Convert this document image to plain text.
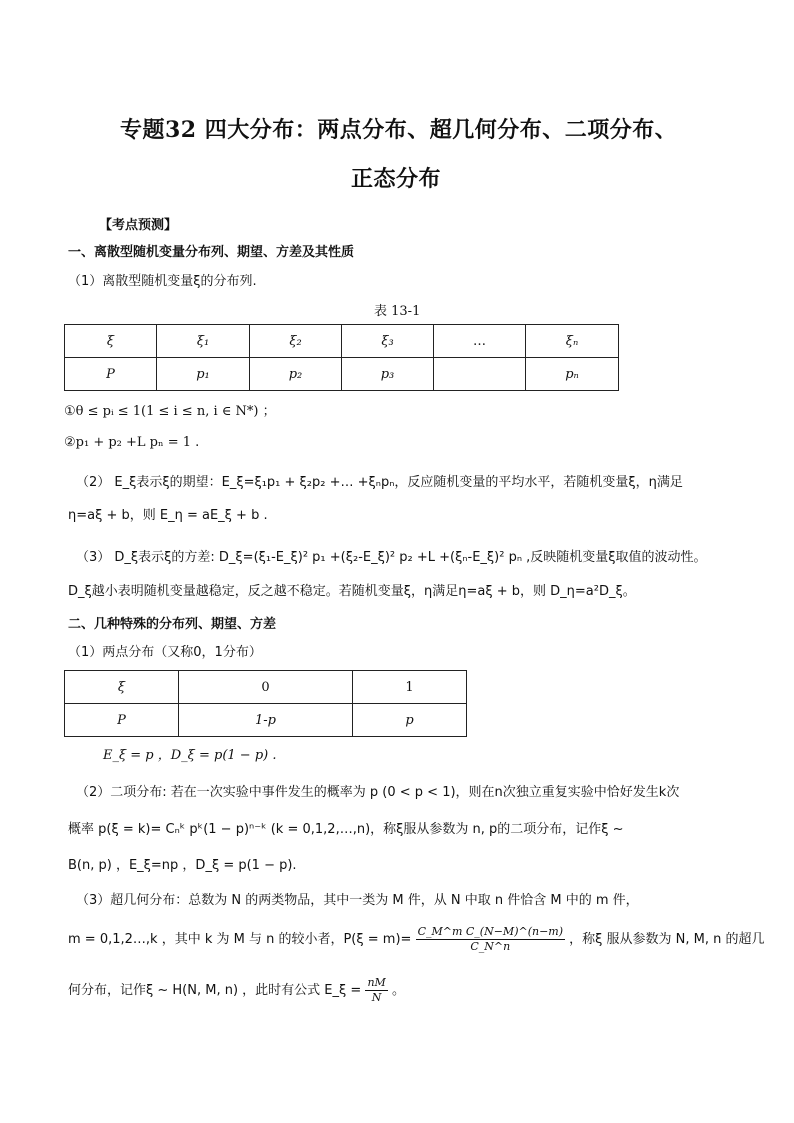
专题32 四大分布：两点分布、超几何分布、二项分布、
正态分布
【考点预测】
一、离散型随机变量分布列、期望、方差及其性质
（1）离散型随机变量ξ的分布列.
表 13-1
ξ	ξ₁	ξ₂	ξ₃	…	ξₙ
P	p₁	p₂	p₃		pₙ
①θ ≤ pᵢ ≤ 1(1 ≤ i ≤ n, i ∈ N*) ；
②p₁ + p₂ +L pₙ = 1 .
（2） E_ξ表示ξ的期望：E_ξ=ξ₁p₁ + ξ₂p₂ +… +ξₙpₙ，反应随机变量的平均水平，若随机变量ξ，η满足
η=aξ + b，则 E_η = aE_ξ + b .
（3） D_ξ表示ξ的方差: D_ξ=(ξ₁-E_ξ)² p₁ +(ξ₂-E_ξ)² p₂ +L +(ξₙ-E_ξ)² pₙ ,反映随机变量ξ取值的波动性。
D_ξ越小表明随机变量越稳定，反之越不稳定。若随机变量ξ，η满足η=aξ + b，则 D_η=a²D_ξ。
二、几种特殊的分布列、期望、方差
（1）两点分布（又称0，1分布）
ξ	0	1
P	1-p	p
E_ξ = p ，D_ξ = p(1 − p) .
（2）二项分布: 若在一次实验中事件发生的概率为 p (0 < p < 1)，则在n次独立重复实验中恰好发生k次
概率 p(ξ = k)= Cₙᵏ pᵏ(1 − p)ⁿ⁻ᵏ (k = 0,1,2,…,n)，称ξ服从参数为 n, p的二项分布，记作ξ ~
B(n, p) ，E_ξ=np ，D_ξ = p(1 − p).
（3）超几何分布：总数为 N 的两类物品，其中一类为 M 件，从 N 中取 n 件恰含 M 中的 m 件，
m = 0,1,2…,k ，其中 k 为 M 与 n 的较小者，$P(\xi = m)= \frac{\text{C\_M\textasciicircum{}m C\_(N−M)\textasciicircum{}(n−m)}}{C\_N\^{}n}$ ，称ξ 服从参数为 N, M, n 的超几
何分布，记作ξ ~ H(N, M, n) ，此时有公式 E_ξ = $\frac{nM}{N}$ 。
